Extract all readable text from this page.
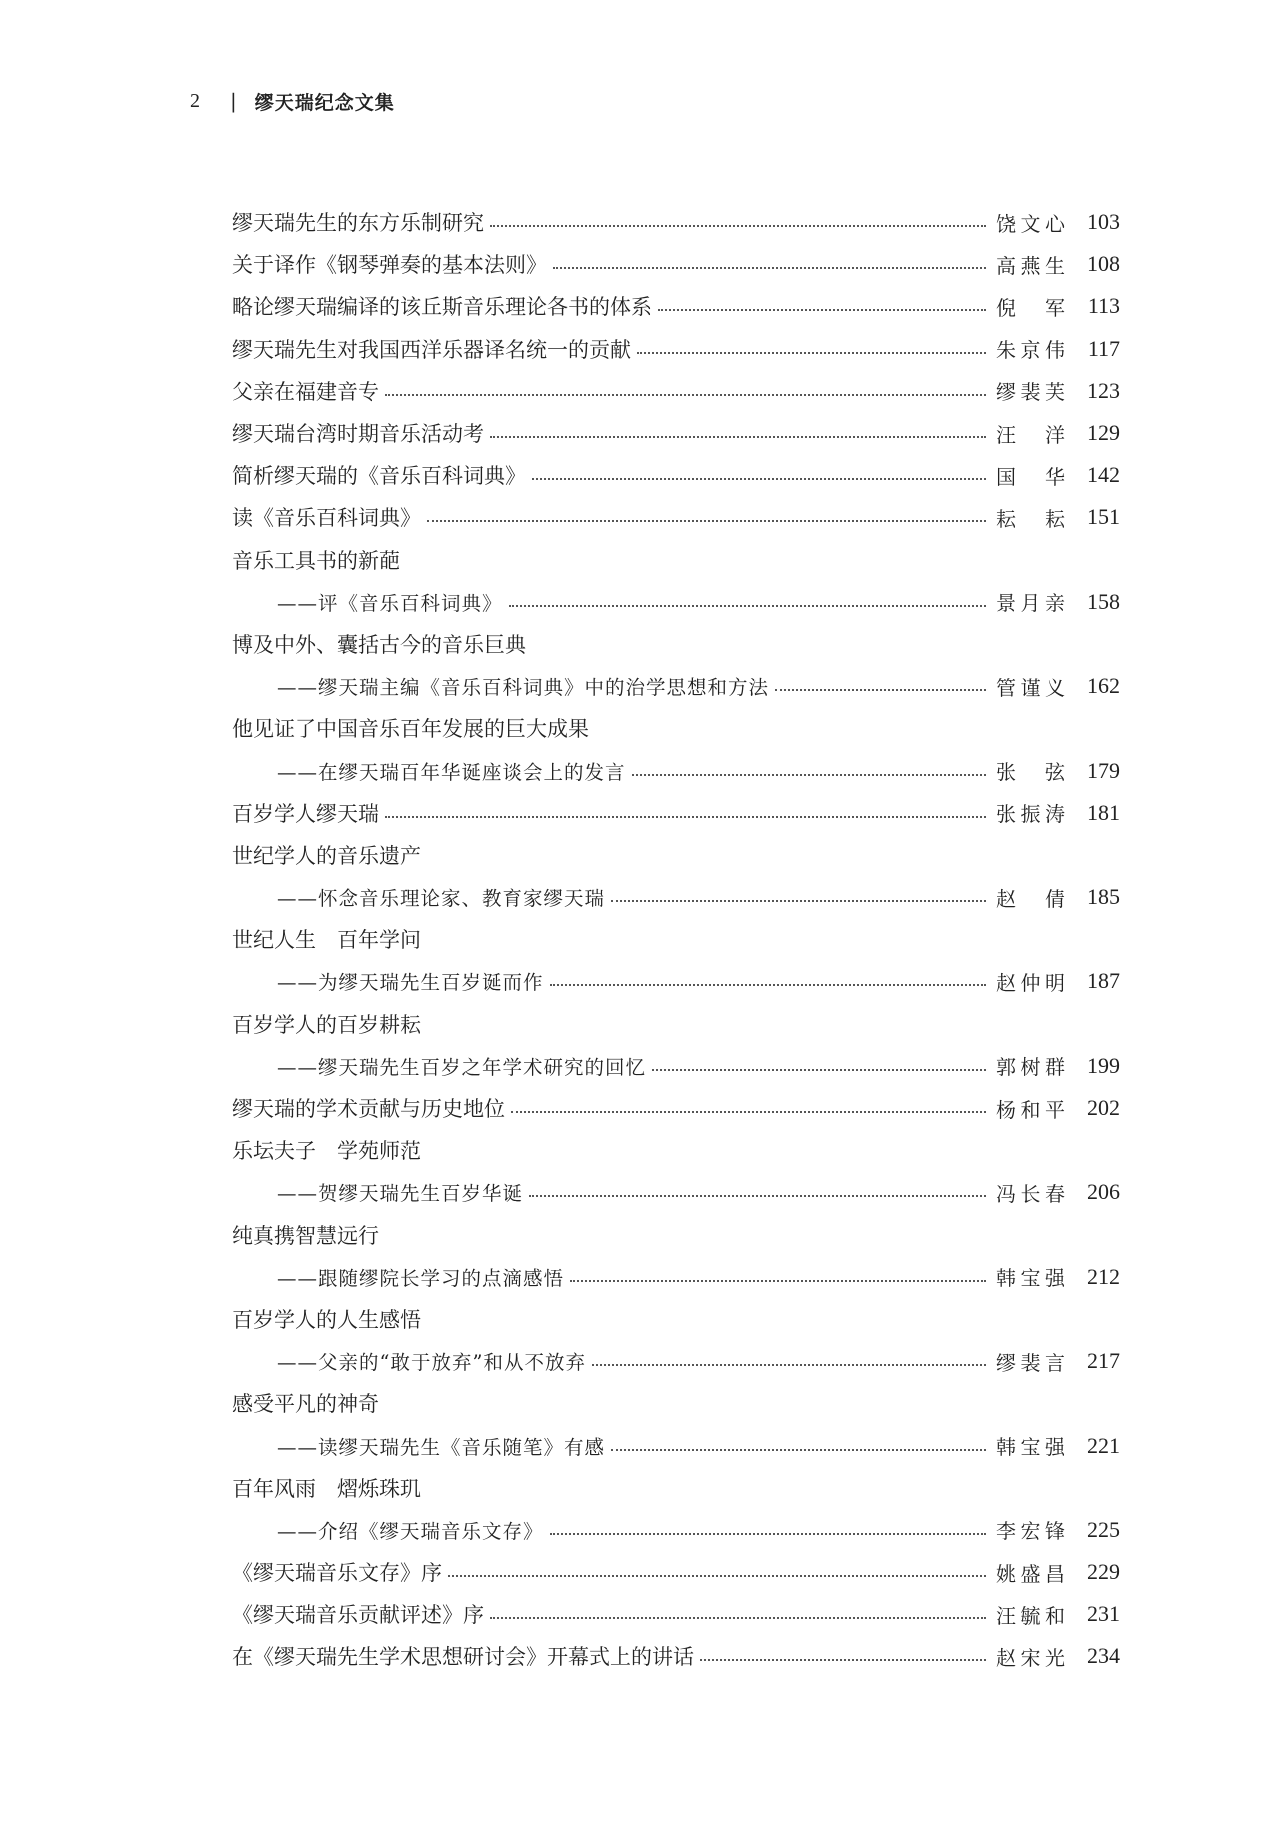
2 | 缪天瑞纪念文集
缪天瑞先生的东方乐制研究	饶文心 103
关于译作《钢琴弹奏的基本法则》	高燕生 108
略论缪天瑞编译的该丘斯音乐理论各书的体系	倪　军 113
缪天瑞先生对我国西洋乐器译名统一的贡献	朱京伟 117
父亲在福建音专	缪裴芙 123
缪天瑞台湾时期音乐活动考	汪　洋 129
简析缪天瑞的《音乐百科词典》	国　华 142
读《音乐百科词典》	耘　耘 151
音乐工具书的新葩
——评《音乐百科词典》	景月亲 158
博及中外、囊括古今的音乐巨典
——缪天瑞主编《音乐百科词典》中的治学思想和方法	管谨义 162
他见证了中国音乐百年发展的巨大成果
——在缪天瑞百年华诞座谈会上的发言	张　弦 179
百岁学人缪天瑞	张振涛 181
世纪学人的音乐遗产
——怀念音乐理论家、教育家缪天瑞	赵　倩 185
世纪人生　百年学问
——为缪天瑞先生百岁诞而作	赵仲明 187
百岁学人的百岁耕耘
——缪天瑞先生百岁之年学术研究的回忆	郭树群 199
缪天瑞的学术贡献与历史地位	杨和平 202
乐坛夫子　学苑师范
——贺缪天瑞先生百岁华诞	冯长春 206
纯真携智慧远行
——跟随缪院长学习的点滴感悟	韩宝强 212
百岁学人的人生感悟
——父亲的“敢于放弃”和从不放弃	缪裴言 217
感受平凡的神奇
——读缪天瑞先生《音乐随笔》有感	韩宝强 221
百年风雨　熠烁珠玑
——介绍《缪天瑞音乐文存》	李宏锋 225
《缪天瑞音乐文存》序	姚盛昌 229
《缪天瑞音乐贡献评述》序	汪毓和 231
在《缪天瑞先生学术思想研讨会》开幕式上的讲话	赵宋光 234
